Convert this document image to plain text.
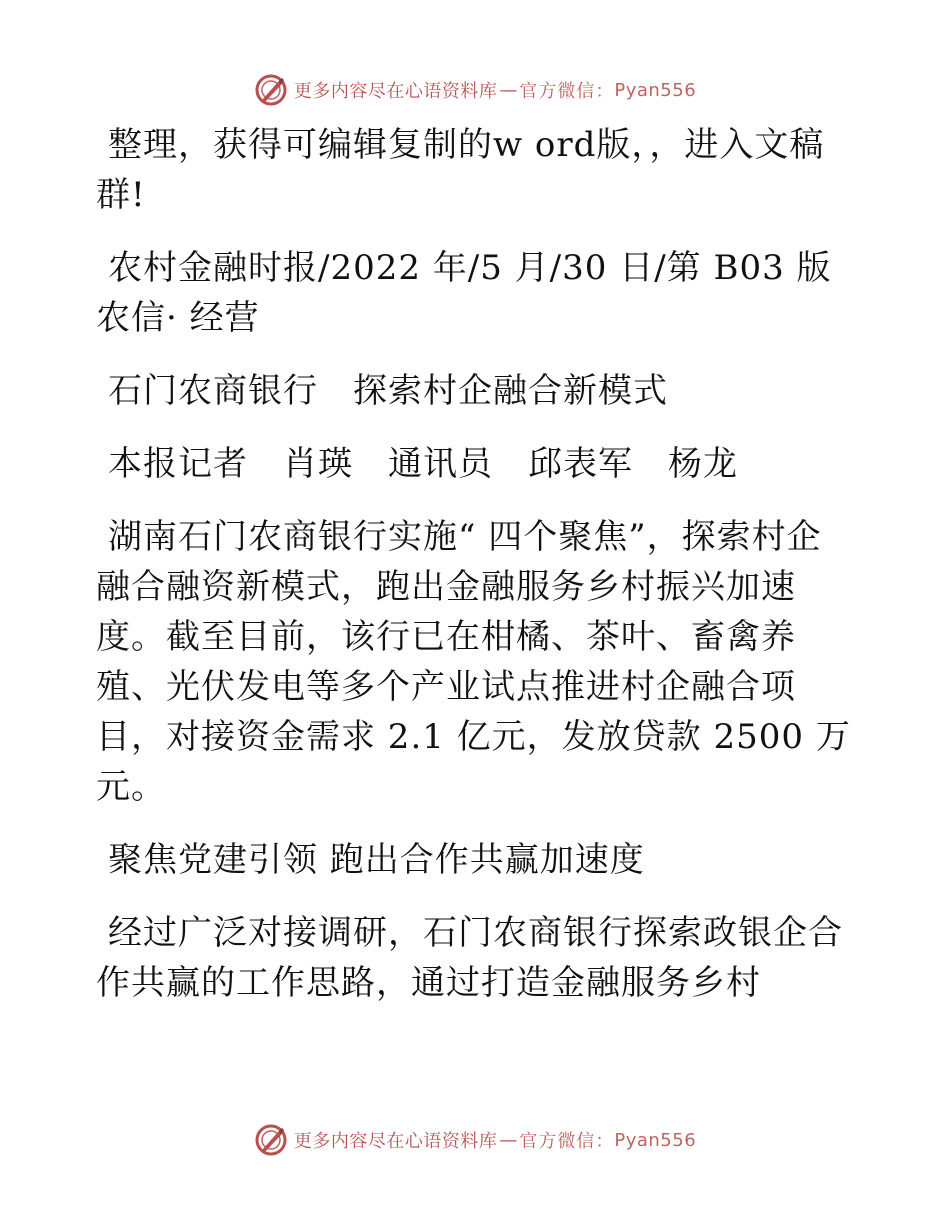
更多内容尽在心语资料库 — 官方微信： Pyan556

整理，获得可编辑复制的w ord版，，进入文稿群!

农村金融时报/2022 年/5 月/30 日/第 B03 版农信· 经营

石门农商银行　探索村企融合新模式

本报记者　肖瑛　通讯员　邱表军　杨龙

湖南石门农商银行实施“ 四个聚焦”，探索村企融合融资新模式，跑出金融服务乡村振兴加速度。截至目前，该行已在柑橘、茶叶、畜禽养殖、光伏发电等多个产业试点推进村企融合项目，对接资金需求 2.1 亿元，发放贷款 2500 万元。

聚焦党建引领 跑出合作共赢加速度

经过广泛对接调研，石门农商银行探索政银企合作共赢的工作思路，通过打造金融服务乡村

更多内容尽在心语资料库 — 官方微信： Pyan556
